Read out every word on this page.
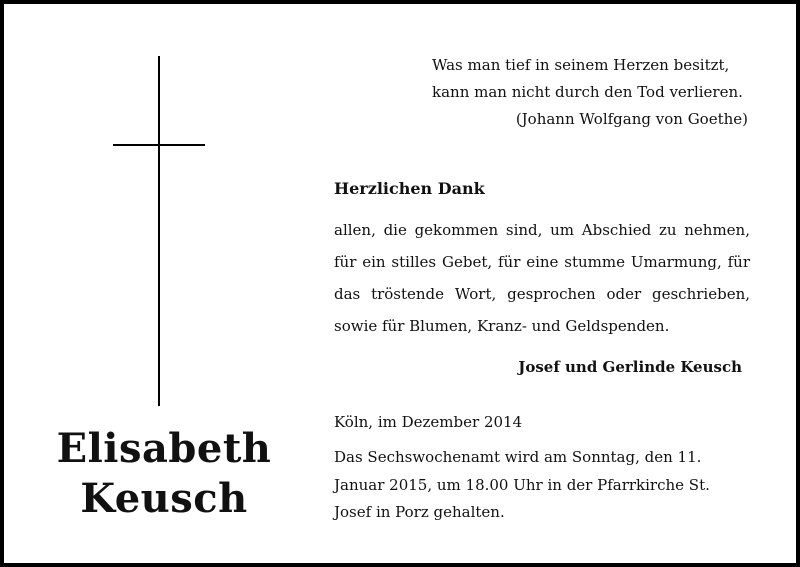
Elisabeth
Keusch
Was man tief in seinem Herzen besitzt,
kann man nicht durch den Tod verlieren.
(Johann Wolfgang von Goethe)
Herzlichen Dank
allen, die gekommen sind, um Abschied zu nehmen, für ein stilles Gebet, für eine stumme Umarmung, für das tröstende Wort, gesprochen oder geschrieben, sowie für Blumen, Kranz- und Geldspenden.
Josef und Gerlinde Keusch
Köln, im Dezember 2014
Das Sechswochenamt wird am Sonntag, den 11. Januar 2015, um 18.00 Uhr in der Pfarrkirche St. Josef in Porz gehalten.
